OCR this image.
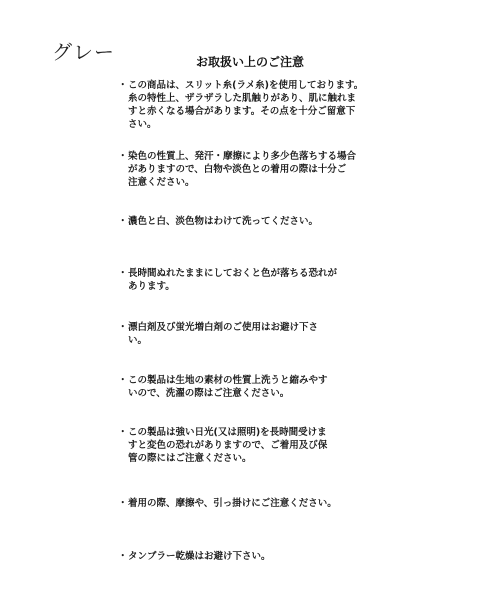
グレー	お取扱い上のご注意
・ この商品は、スリット糸(ラメ糸)を使用しております。
糸の特性上、ザラザラした肌触りがあり、肌に触れま
すと赤くなる場合があります。その点を十分ご留意下
さい。
・ 染色の性質上、発汗・摩擦により多少色落ちする場合
がありますので、白物や淡色との着用の際は十分ご
注意ください。
・ 濃色と白、淡色物はわけて洗ってください。
・ 長時間ぬれたままにしておくと色が落ちる恐れが
あります。
・ 漂白剤及び蛍光増白剤のご使用はお避け下さ
い。
・ この製品は生地の素材の性質上洗うと縮みやす
いので、洗濯の際はご注意ください。
・ この製品は強い日光(又は照明)を長時間受けま
すと変色の恐れがありますので、ご着用及び保
管の際にはご注意ください。
・ 着用の際、摩擦や、引っ掛けにご注意ください。
・ タンブラー乾燥はお避け下さい。
